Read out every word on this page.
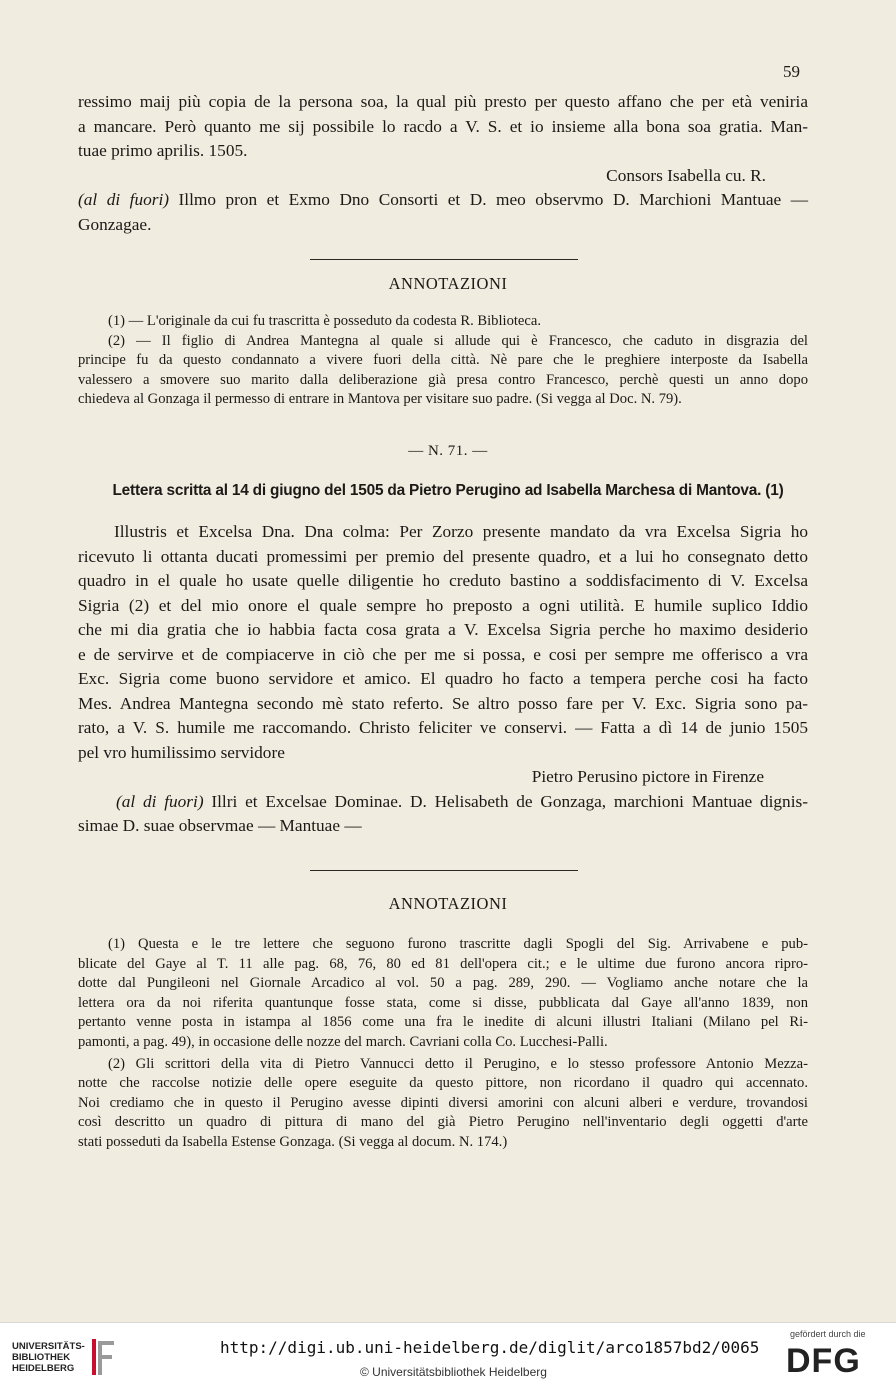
59
ressimo maij più copia de la persona soa, la qual più presto per questo affano che per età veniria
a mancare. Però quanto me sij possibile lo racdo a V. S. et io insieme alla bona soa gratia. Man-
tuae primo aprilis. 1505.
Consors Isabella cu. R.
(al di fuori) Illmo pron et Exmo Dno Consorti et D. meo observmo D. Marchioni Mantuae —
Gonzagae.
ANNOTAZIONI
(1) — L'originale da cui fu trascritta è posseduto da codesta R. Biblioteca.
(2) — Il figlio di Andrea Mantegna al quale si allude qui è Francesco, che caduto in disgrazia del
principe fu da questo condannato a vivere fuori della città. Nè pare che le preghiere interposte da Isabella
valessero a smovere suo marito dalla deliberazione già presa contro Francesco, perchè questi un anno dopo
chiedeva al Gonzaga il permesso di entrare in Mantova per visitare suo padre. (Si vegga al Doc. N. 79).
— N. 71. —
Lettera scritta al 14 di giugno del 1505 da Pietro Perugino ad Isabella Marchesa di Mantova. (1)
Illustris et Excelsa Dna. Dna colma: Per Zorzo presente mandato da vra Excelsa Sigria ho
ricevuto li ottanta ducati promessimi per premio del presente quadro, et a lui ho consegnato detto
quadro in el quale ho usate quelle diligentie ho creduto bastino a soddisfacimento di V. Excelsa
Sigria (2) et del mio onore el quale sempre ho preposto a ogni utilità. E humile suplico Iddio
che mi dia gratia che io habbia facta cosa grata a V. Excelsa Sigria perche ho maximo desiderio
e de servirve et de compiacerve in ciò che per me si possa, e cosi per sempre me offerisco a vra
Exc. Sigria come buono servidore et amico. El quadro ho facto a tempera perche cosi ha facto
Mes. Andrea Mantegna secondo mè stato referto. Se altro posso fare per V. Exc. Sigria sono pa-
rato, a V. S. humile me raccomando. Christo feliciter ve conservi. — Fatta a dì 14 de junio 1505
pel vro humilissimo servidore
Pietro Perusino pictore in Firenze
(al di fuori) Illri et Excelsae Dominae. D. Helisabeth de Gonzaga, marchioni Mantuae dignis-
simae D. suae observmae — Mantuae —
ANNOTAZIONI
(1) Questa e le tre lettere che seguono furono trascritte dagli Spogli del Sig. Arrivabene e pub-
blicate del Gaye al T. 11 alle pag. 68, 76, 80 ed 81 dell'opera cit.; e le ultime due furono ancora ripro-
dotte dal Pungileoni nel Giornale Arcadico al vol. 50 a pag. 289, 290. — Vogliamo anche notare che la
lettera ora da noi riferita quantunque fosse stata, come si disse, pubblicata dal Gaye all'anno 1839, non
pertanto venne posta in istampa al 1856 come una fra le inedite di alcuni illustri Italiani (Milano pel Ri-
pamonti, a pag. 49), in occasione delle nozze del march. Cavriani colla Co. Lucchesi-Palli.
(2) Gli scrittori della vita di Pietro Vannucci detto il Perugino, e lo stesso professore Antonio Mezza-
notte che raccolse notizie delle opere eseguite da questo pittore, non ricordano il quadro qui accennato.
Noi crediamo che in questo il Perugino avesse dipinti diversi amorini con alcuni alberi e verdure, trovandosi
così descritto un quadro di pittura di mano del già Pietro Perugino nell'inventario degli oggetti d'arte
stati posseduti da Isabella Estense Gonzaga. (Si vegga al docum. N. 174.)
UNIVERSITÄTS-
BIBLIOTHEK
HEIDELBERG
http://digi.ub.uni-heidelberg.de/diglit/arco1857bd2/0065
© Universitätsbibliothek Heidelberg
gefördert durch die
DFG
